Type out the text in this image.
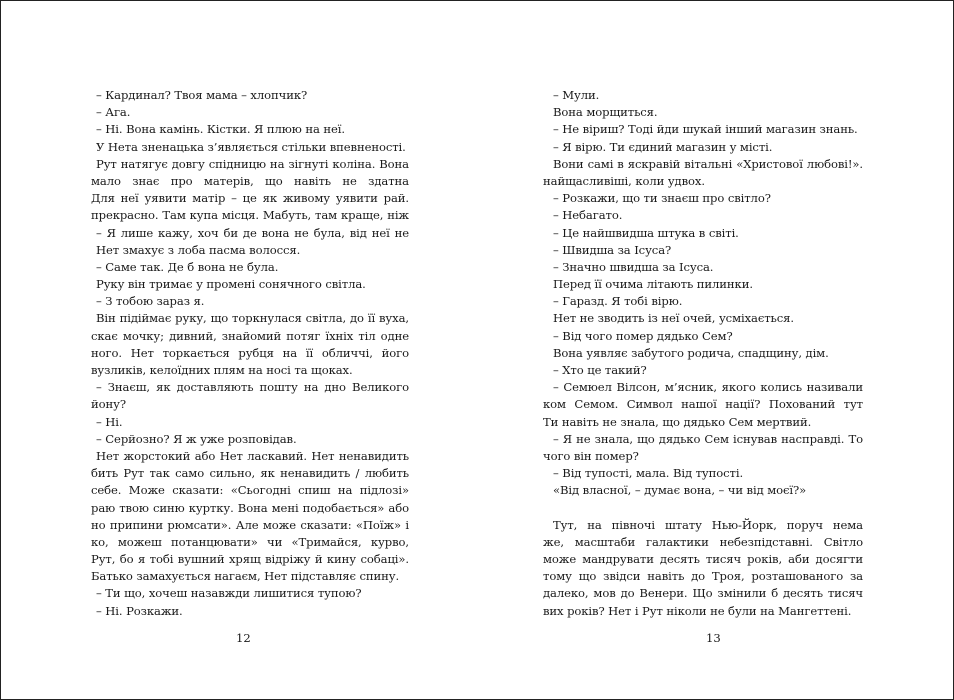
– Кардинал? Твоя мама – хлопчик?
– Ага.
– Ні. Вона камінь. Кістки. Я плюю на неї.
У Нета зненацька з’являється стільки впевненості.
Рут натягує довгу спідницю на зігнуті коліна. Вона
мало знає про матерів, що навіть не здатна
Для неї уявити матір – це як живому уявити рай.
прекрасно. Там купа місця. Мабуть, там краще, ніж
– Я лише кажу, хоч би де вона не була, від неї не
Нет змахує з лоба пасма волосся.
– Саме так. Де б вона не була.
Руку він тримає у промені сонячного світла.
– З тобою зараз я.
Він підіймає руку, що торкнулася світла, до її вуха,
скає мочку; дивний, знайомий потяг їхніх тіл одне
ного. Нет торкається рубця на її обличчі, його
вузликів, келоїдних плям на носі та щоках.
– Знаєш, як доставляють пошту на дно Великого
йону?
– Ні.
– Серйозно? Я ж уже розповідав.
Нет жорстокий або Нет ласкавий. Нет ненавидить
бить Рут так само сильно, як ненавидить / любить
себе. Може сказати: «Сьогодні спиш на підлозі»
раю твою синю куртку. Вона мені подобається» або
но припини рюмсати». Але може сказати: «Поїж» і
ко, можеш потанцювати» чи «Тримайся, курво,
Рут, бо я тобі вушний хрящ відріжу й кину собаці».
Батько замахується нагаєм, Нет підставляє спину.
– Ти що, хочеш назавжди лишитися тупою?
– Ні. Розкажи.
12
– Мули.
Вона морщиться.
– Не віриш? Тоді йди шукай інший магазин знань.
– Я вірю. Ти єдиний магазин у місті.
Вони самі в яскравій вітальні «Христової любові!».
найщасливіші, коли удвох.
– Розкажи, що ти знаєш про світло?
– Небагато.
– Це найшвидша штука в світі.
– Швидша за Ісуса?
– Значно швидша за Ісуса.
Перед її очима літають пилинки.
– Гаразд. Я тобі вірю.
Нет не зводить із неї очей, усміхається.
– Від чого помер дядько Сем?
Вона уявляє забутого родича, спадщину, дім.
– Хто це такий?
– Семюел Вілсон, м’ясник, якого колись називали
ком Семом. Символ нашої нації? Похований тут
Ти навіть не знала, що дядько Сем мертвий.
– Я не знала, що дядько Сем існував насправді. То
чого він помер?
– Від тупості, мала. Від тупості.
«Від власної, – думає вона, – чи від моєї?»
Тут, на півночі штату Нью-Йорк, поруч нема
же, масштаби галактики небезпідставні. Світло
може мандрувати десять тисяч років, аби досягти
тому що звідси навіть до Троя, розташованого за
далеко, мов до Венери. Що змінили б десять тисяч
вих років? Нет і Рут ніколи не були на Мангеттені.
13
